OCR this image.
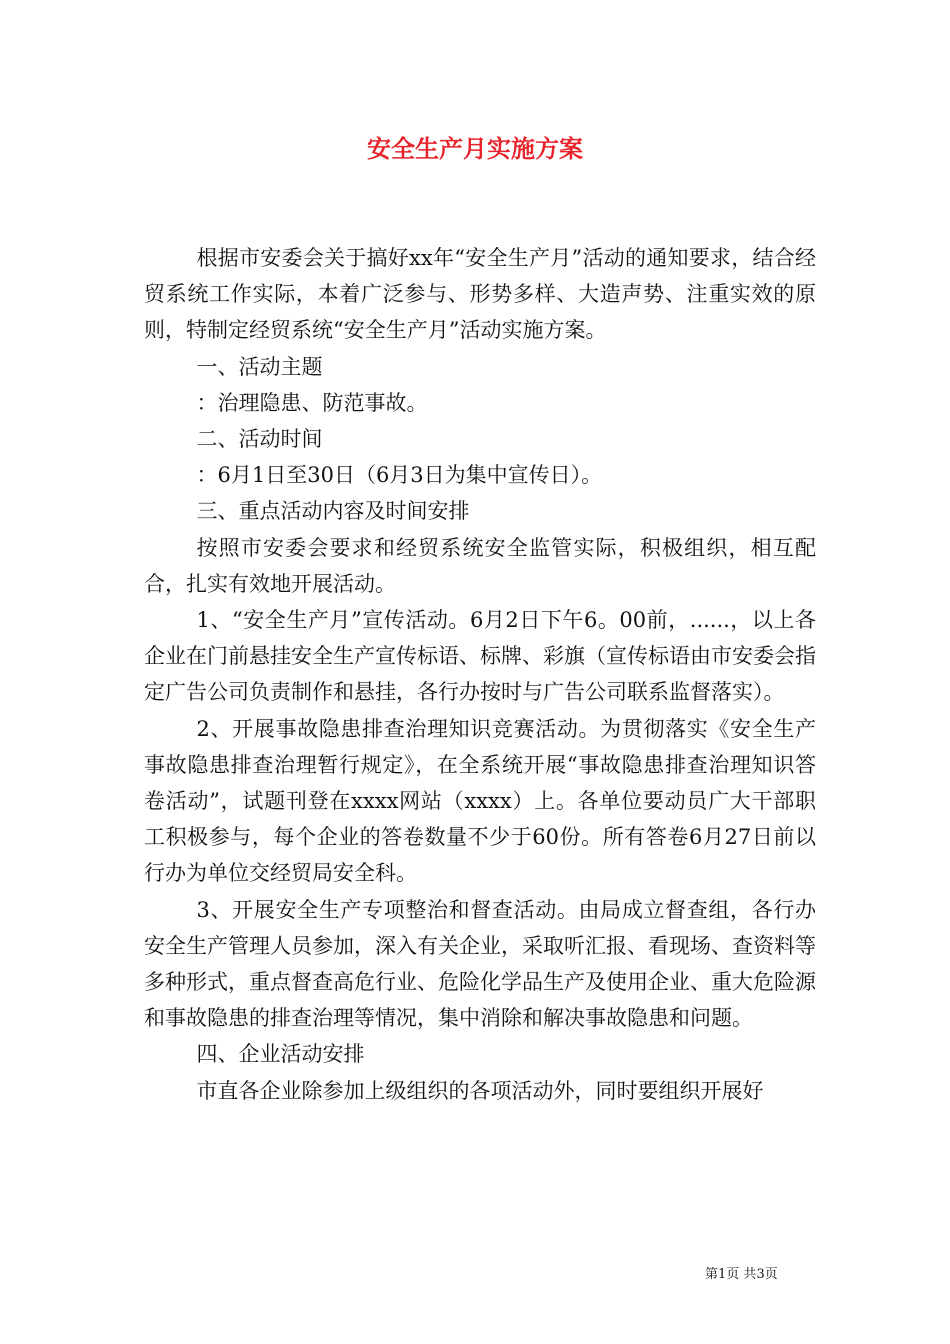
安全生产月实施方案

根据市安委会关于搞好xx年“安全生产月”活动的通知要求，结合经贸系统工作实际，本着广泛参与、形势多样、大造声势、注重实效的原则，特制定经贸系统“安全生产月”活动实施方案。

一、活动主题

：治理隐患、防范事故。

二、活动时间

：6月1日至30日（6月3日为集中宣传日）。

三、重点活动内容及时间安排

按照市安委会要求和经贸系统安全监管实际，积极组织，相互配合，扎实有效地开展活动。

1、“安全生产月”宣传活动。6月2日下午6。00前，......，以上各企业在门前悬挂安全生产宣传标语、标牌、彩旗（宣传标语由市安委会指定广告公司负责制作和悬挂，各行办按时与广告公司联系监督落实）。

2、开展事故隐患排查治理知识竞赛活动。为贯彻落实《安全生产事故隐患排查治理暂行规定》，在全系统开展“事故隐患排查治理知识答卷活动”，试题刊登在xxxx网站（xxxx）上。各单位要动员广大干部职工积极参与，每个企业的答卷数量不少于60份。所有答卷6月27日前以行办为单位交经贸局安全科。

3、开展安全生产专项整治和督查活动。由局成立督查组，各行办安全生产管理人员参加，深入有关企业，采取听汇报、看现场、查资料等多种形式，重点督查高危行业、危险化学品生产及使用企业、重大危险源和事故隐患的排查治理等情况，集中消除和解决事故隐患和问题。

四、企业活动安排

市直各企业除参加上级组织的各项活动外，同时要组织开展好

第1页 共3页
